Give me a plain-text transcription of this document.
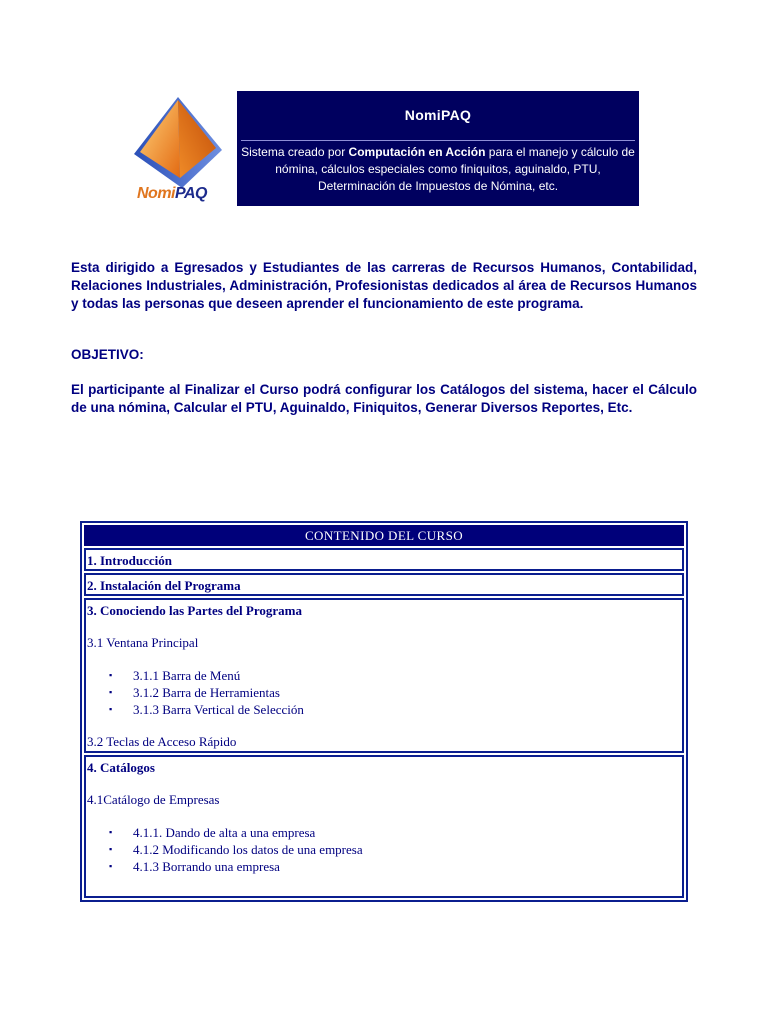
NomiPAQ
NomiPAQ
Sistema creado por Computación en Acción para el manejo y cálculo de nómina, cálculos especiales como finiquitos, aguinaldo, PTU, Determinación de Impuestos de Nómina, etc.
Esta dirigido a Egresados y Estudiantes de las carreras de Recursos Humanos, Contabilidad, Relaciones Industriales, Administración, Profesionistas dedicados al área de Recursos Humanos y todas las personas que deseen aprender el funcionamiento de este programa.
OBJETIVO:
El participante al Finalizar el Curso podrá configurar los Catálogos del sistema, hacer el Cálculo de una nómina, Calcular el PTU, Aguinaldo, Finiquitos, Generar Diversos Reportes, Etc.
CONTENIDO DEL CURSO
1. Introducción
2. Instalación del Programa
3. Conociendo las Partes del Programa
3.1 Ventana Principal
▪ 3.1.1 Barra de Menú
▪ 3.1.2 Barra de Herramientas
▪ 3.1.3 Barra Vertical de Selección
3.2 Teclas de Acceso Rápido
4. Catálogos
4.1Catálogo de Empresas
▪ 4.1.1. Dando de alta a una empresa
▪ 4.1.2 Modificando los datos de una empresa
▪ 4.1.3 Borrando una empresa
